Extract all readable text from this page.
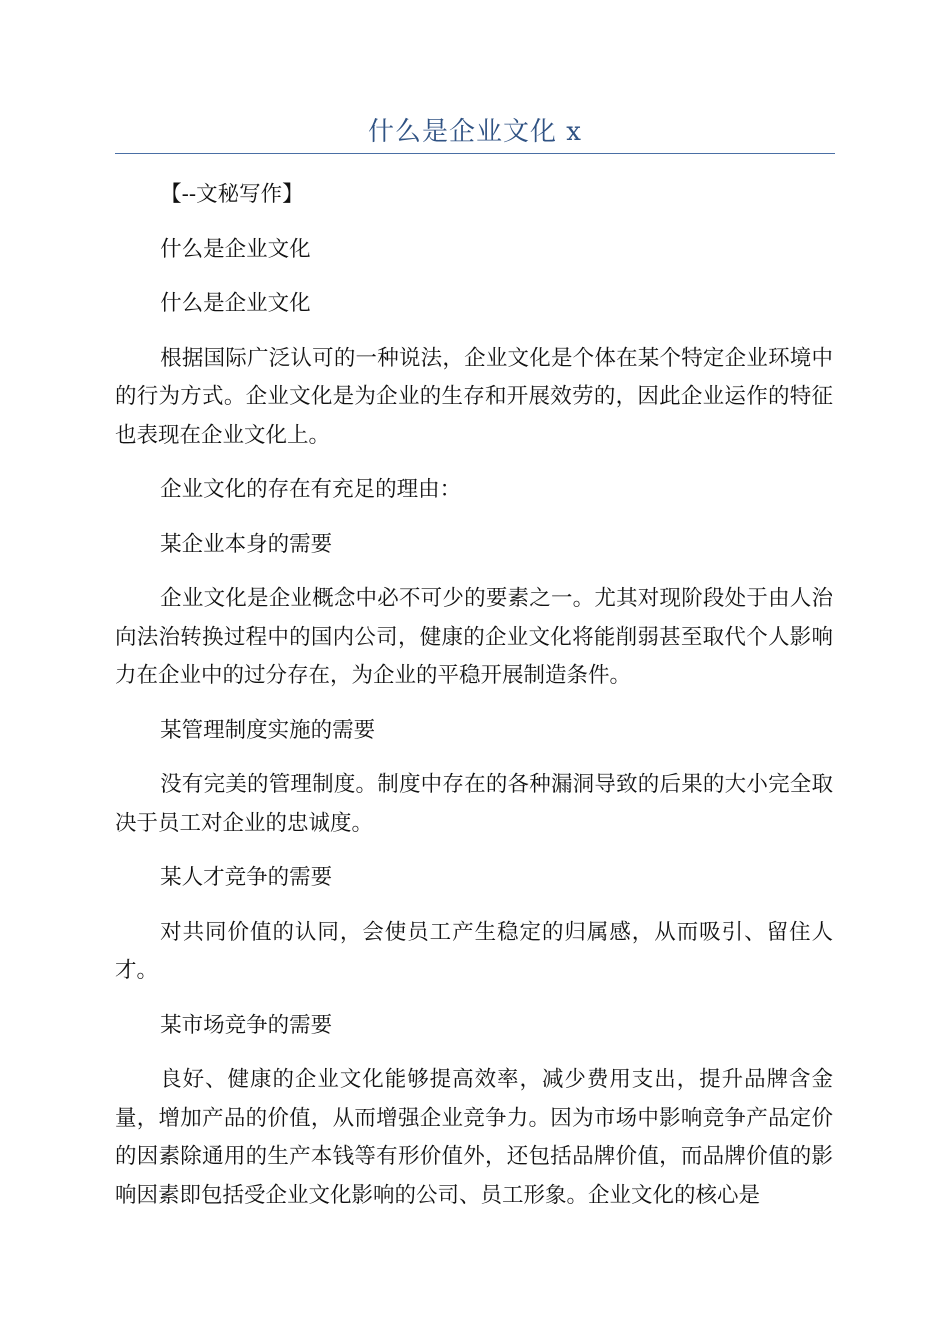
什么是企业文化 x

【--文秘写作】

什么是企业文化

什么是企业文化

根据国际广泛认可的一种说法，企业文化是个体在某个特定企业环境中的行为方式。企业文化是为企业的生存和开展效劳的，因此企业运作的特征也表现在企业文化上。

企业文化的存在有充足的理由：

某企业本身的需要

企业文化是企业概念中必不可少的要素之一。尤其对现阶段处于由人治向法治转换过程中的国内公司，健康的企业文化将能削弱甚至取代个人影响力在企业中的过分存在，为企业的平稳开展制造条件。

某管理制度实施的需要

没有完美的管理制度。制度中存在的各种漏洞导致的后果的大小完全取决于员工对企业的忠诚度。

某人才竞争的需要

对共同价值的认同，会使员工产生稳定的归属感，从而吸引、留住人才。

某市场竞争的需要

良好、健康的企业文化能够提高效率，减少费用支出，提升品牌含金量，增加产品的价值，从而增强企业竞争力。因为市场中影响竞争产品定价的因素除通用的生产本钱等有形价值外，还包括品牌价值，而品牌价值的影响因素即包括受企业文化影响的公司、员工形象。企业文化的核心是
